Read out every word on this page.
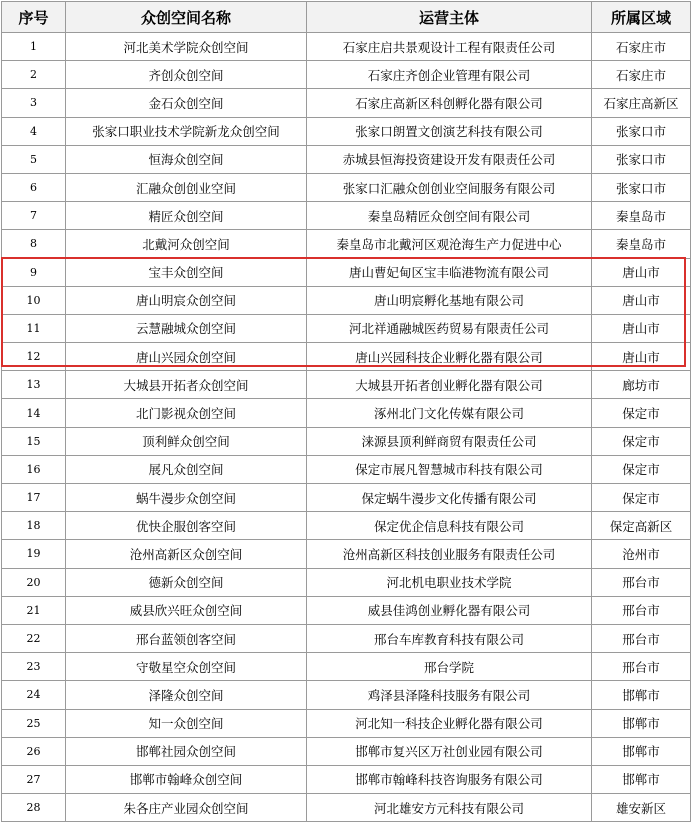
序号	众创空间名称	运营主体	所属区域
1	河北美术学院众创空间	石家庄启共景观设计工程有限责任公司	石家庄市
2	齐创众创空间	石家庄齐创企业管理有限公司	石家庄市
3	金石众创空间	石家庄高新区科创孵化器有限公司	石家庄高新区
4	张家口职业技术学院新龙众创空间	张家口朗置文创演艺科技有限公司	张家口市
5	恒海众创空间	赤城县恒海投资建设开发有限责任公司	张家口市
6	汇融众创创业空间	张家口汇融众创创业空间服务有限公司	张家口市
7	精匠众创空间	秦皇岛精匠众创空间有限公司	秦皇岛市
8	北戴河众创空间	秦皇岛市北戴河区观沧海生产力促进中心	秦皇岛市
9	宝丰众创空间	唐山曹妃甸区宝丰临港物流有限公司	唐山市
10	唐山明宸众创空间	唐山明宸孵化基地有限公司	唐山市
11	云慧融城众创空间	河北祥通融城医药贸易有限责任公司	唐山市
12	唐山兴园众创空间	唐山兴园科技企业孵化器有限公司	唐山市
13	大城县开拓者众创空间	大城县开拓者创业孵化器有限公司	廊坊市
14	北门影视众创空间	涿州北门文化传媒有限公司	保定市
15	顶利鲜众创空间	涞源县顶利鲜商贸有限责任公司	保定市
16	展凡众创空间	保定市展凡智慧城市科技有限公司	保定市
17	蜗牛漫步众创空间	保定蜗牛漫步文化传播有限公司	保定市
18	优快企服创客空间	保定优企信息科技有限公司	保定高新区
19	沧州高新区众创空间	沧州高新区科技创业服务有限责任公司	沧州市
20	德新众创空间	河北机电职业技术学院	邢台市
21	威县欣兴旺众创空间	威县佳鸿创业孵化器有限公司	邢台市
22	邢台蓝领创客空间	邢台车库教育科技有限公司	邢台市
23	守敬星空众创空间	邢台学院	邢台市
24	泽隆众创空间	鸡泽县泽隆科技服务有限公司	邯郸市
25	知一众创空间	河北知一科技企业孵化器有限公司	邯郸市
26	邯郸社园众创空间	邯郸市复兴区万社创业园有限公司	邯郸市
27	邯郸市翰峰众创空间	邯郸市翰峰科技咨询服务有限公司	邯郸市
28	朱各庄产业园众创空间	河北雄安方元科技有限公司	雄安新区
